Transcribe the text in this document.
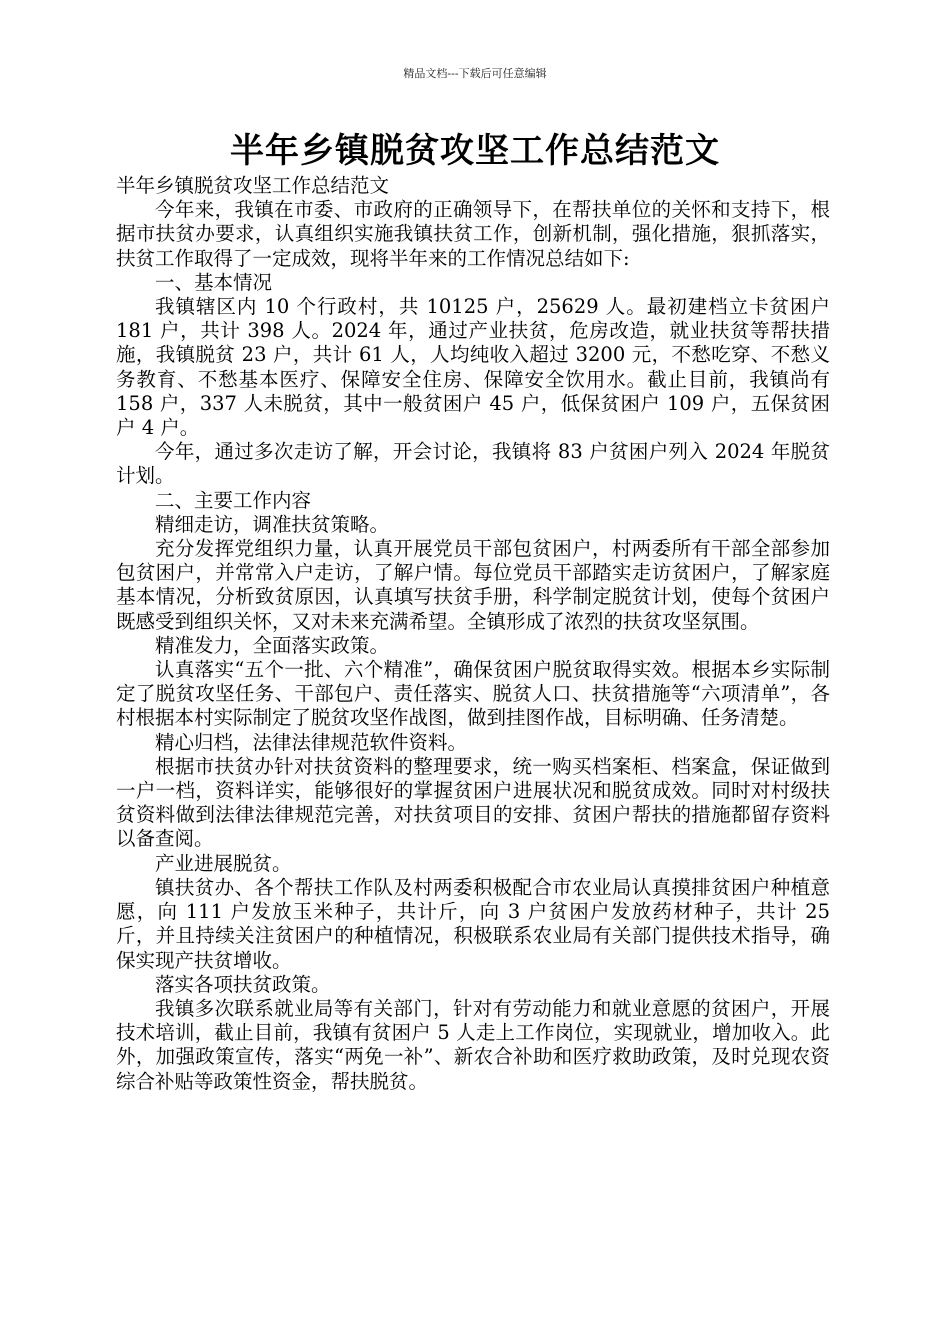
精品文档---下载后可任意编辑
半年乡镇脱贫攻坚工作总结范文

半年乡镇脱贫攻坚工作总结范文

今年来，我镇在市委、市政府的正确领导下，在帮扶单位的关怀和支持下，根据市扶贫办要求，认真组织实施我镇扶贫工作，创新机制，强化措施，狠抓落实，扶贫工作取得了一定成效，现将半年来的工作情况总结如下:

一、基本情况

我镇辖区内 10 个行政村，共 10125 户，25629 人。最初建档立卡贫困户 181 户，共计 398 人。2024 年，通过产业扶贫，危房改造，就业扶贫等帮扶措施，我镇脱贫 23 户，共计 61 人，人均纯收入超过 3200 元，不愁吃穿、不愁义务教育、不愁基本医疗、保障安全住房、保障安全饮用水。截止目前，我镇尚有 158 户，337 人未脱贫，其中一般贫困户 45 户，低保贫困户 109 户，五保贫困户 4 户。

今年，通过多次走访了解，开会讨论，我镇将 83 户贫困户列入 2024 年脱贫计划。

二、主要工作内容

精细走访，调准扶贫策略。

充分发挥党组织力量，认真开展党员干部包贫困户，村两委所有干部全部参加包贫困户，并常常入户走访，了解户情。每位党员干部踏实走访贫困户，了解家庭基本情况，分析致贫原因，认真填写扶贫手册，科学制定脱贫计划，使每个贫困户既感受到组织关怀，又对未来充满希望。全镇形成了浓烈的扶贫攻坚氛围。

精准发力，全面落实政策。

认真落实“五个一批、六个精准”，确保贫困户脱贫取得实效。根据本乡实际制定了脱贫攻坚任务、干部包户、责任落实、脱贫人口、扶贫措施等“六项清单”，各村根据本村实际制定了脱贫攻坚作战图，做到挂图作战，目标明确、任务清楚。

精心归档，法律法律规范软件资料。

根据市扶贫办针对扶贫资料的整理要求，统一购买档案柜、档案盒，保证做到一户一档，资料详实，能够很好的掌握贫困户进展状况和脱贫成效。同时对村级扶贫资料做到法律法律规范完善，对扶贫项目的安排、贫困户帮扶的措施都留存资料以备查阅。

产业进展脱贫。

镇扶贫办、各个帮扶工作队及村两委积极配合市农业局认真摸排贫困户种植意愿，向 111 户发放玉米种子，共计斤，向 3 户贫困户发放药材种子，共计 25 斤，并且持续关注贫困户的种植情况，积极联系农业局有关部门提供技术指导，确保实现产扶贫增收。

落实各项扶贫政策。

我镇多次联系就业局等有关部门，针对有劳动能力和就业意愿的贫困户，开展技术培训，截止目前，我镇有贫困户 5 人走上工作岗位，实现就业，增加收入。此外，加强政策宣传，落实“两免一补”、新农合补助和医疗救助政策，及时兑现农资综合补贴等政策性资金，帮扶脱贫。
